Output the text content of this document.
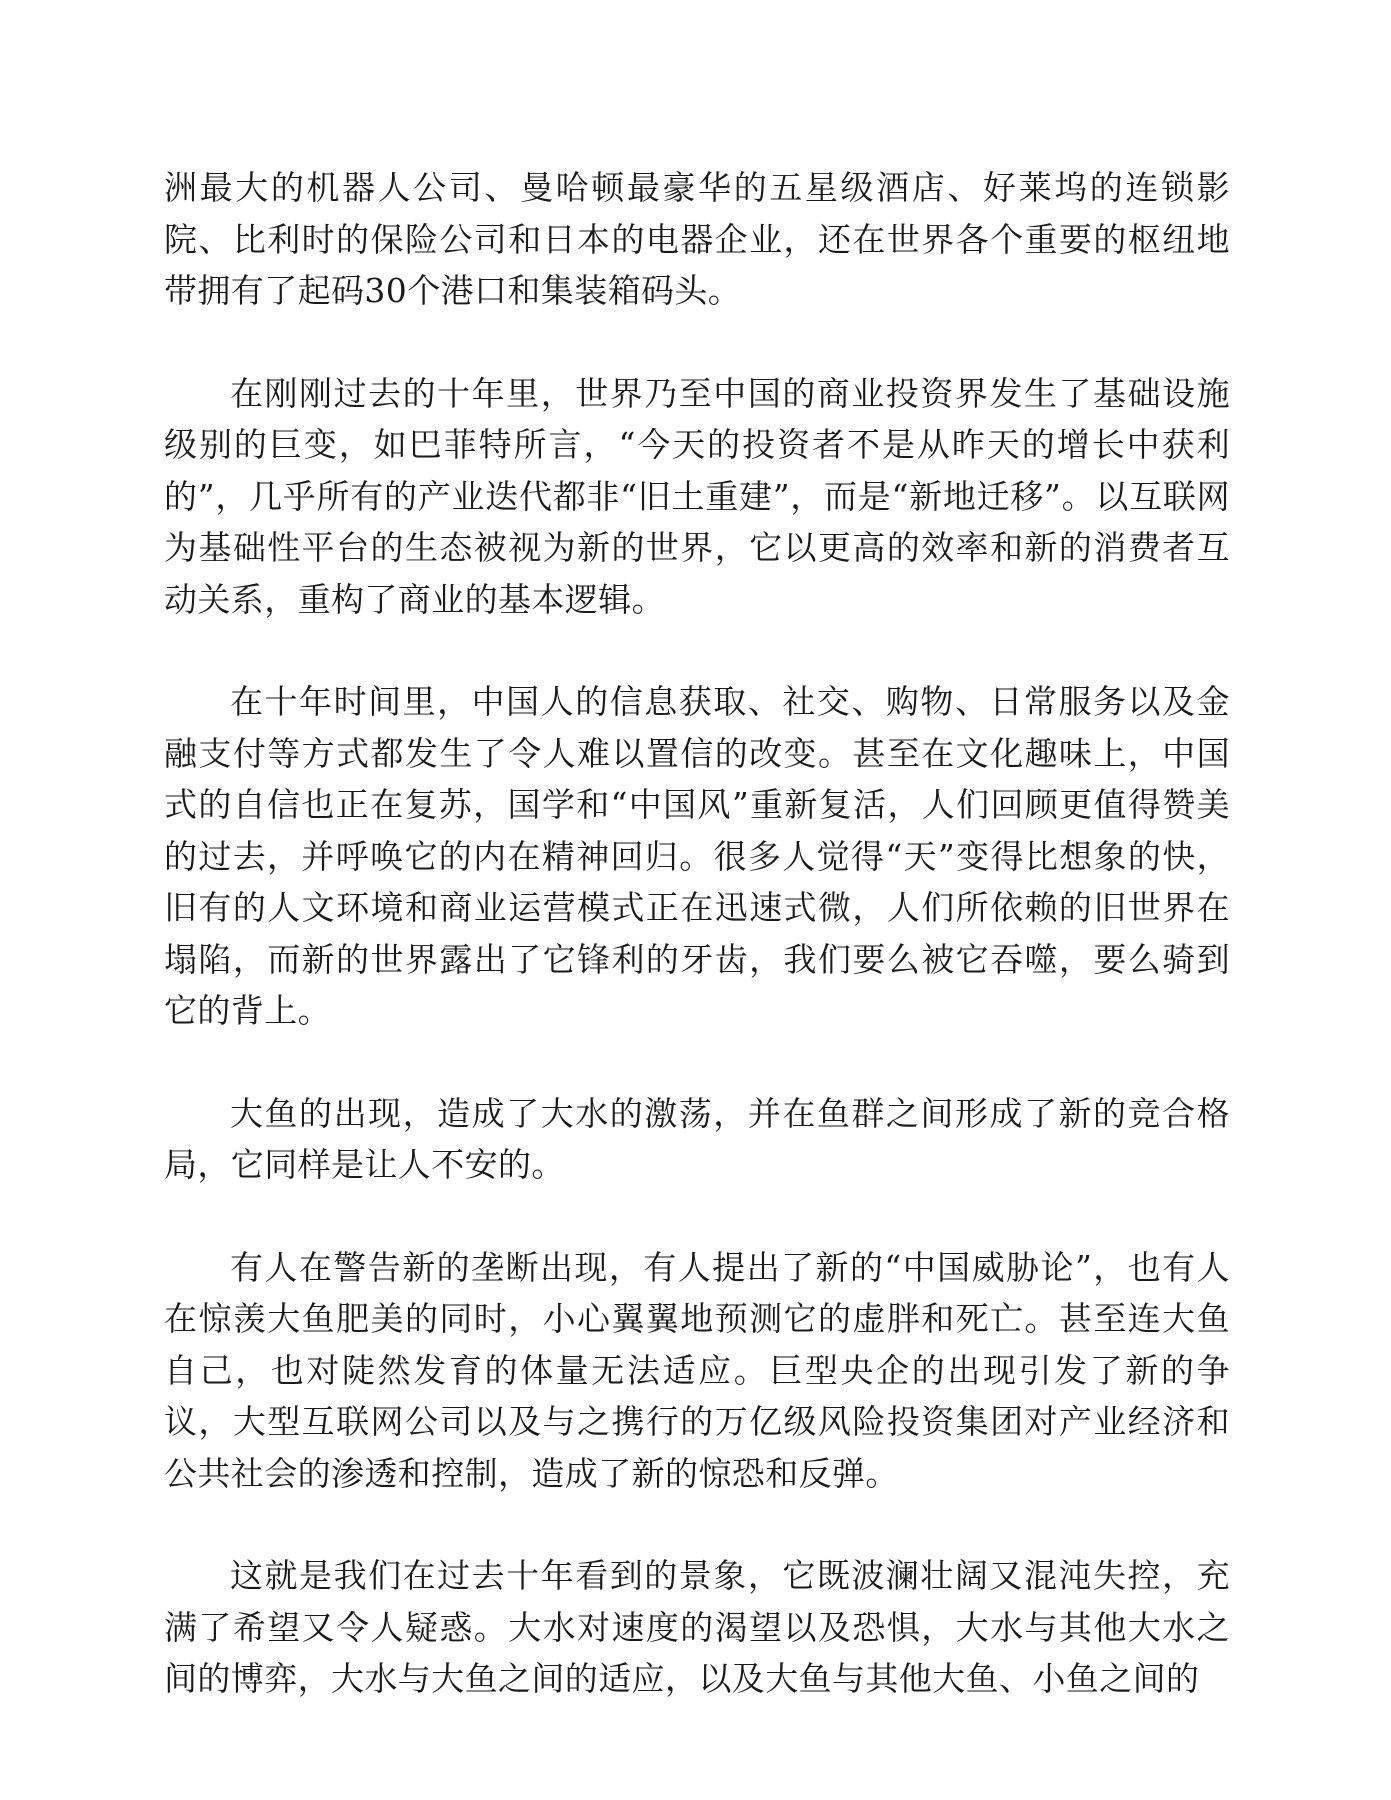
洲最大的机器人公司、曼哈顿最豪华的五星级酒店、好莱坞的连锁影院、比利时的保险公司和日本的电器企业，还在世界各个重要的枢纽地带拥有了起码30个港口和集装箱码头。

在刚刚过去的十年里，世界乃至中国的商业投资界发生了基础设施级别的巨变，如巴菲特所言，“今天的投资者不是从昨天的增长中获利的”，几乎所有的产业迭代都非“旧土重建”，而是“新地迁移”。以互联网为基础性平台的生态被视为新的世界，它以更高的效率和新的消费者互动关系，重构了商业的基本逻辑。

在十年时间里，中国人的信息获取、社交、购物、日常服务以及金融支付等方式都发生了令人难以置信的改变。甚至在文化趣味上，中国式的自信也正在复苏，国学和“中国风”重新复活，人们回顾更值得赞美的过去，并呼唤它的内在精神回归。很多人觉得“天”变得比想象的快，旧有的人文环境和商业运营模式正在迅速式微，人们所依赖的旧世界在塌陷，而新的世界露出了它锋利的牙齿，我们要么被它吞噬，要么骑到它的背上。

大鱼的出现，造成了大水的激荡，并在鱼群之间形成了新的竞合格局，它同样是让人不安的。

有人在警告新的垄断出现，有人提出了新的“中国威胁论”，也有人在惊羡大鱼肥美的同时，小心翼翼地预测它的虚胖和死亡。甚至连大鱼自己，也对陡然发育的体量无法适应。巨型央企的出现引发了新的争议，大型互联网公司以及与之携行的万亿级风险投资集团对产业经济和公共社会的渗透和控制，造成了新的惊恐和反弹。

这就是我们在过去十年看到的景象，它既波澜壮阔又混沌失控，充满了希望又令人疑惑。大水对速度的渴望以及恐惧，大水与其他大水之间的博弈，大水与大鱼之间的适应，以及大鱼与其他大鱼、小鱼之间的
